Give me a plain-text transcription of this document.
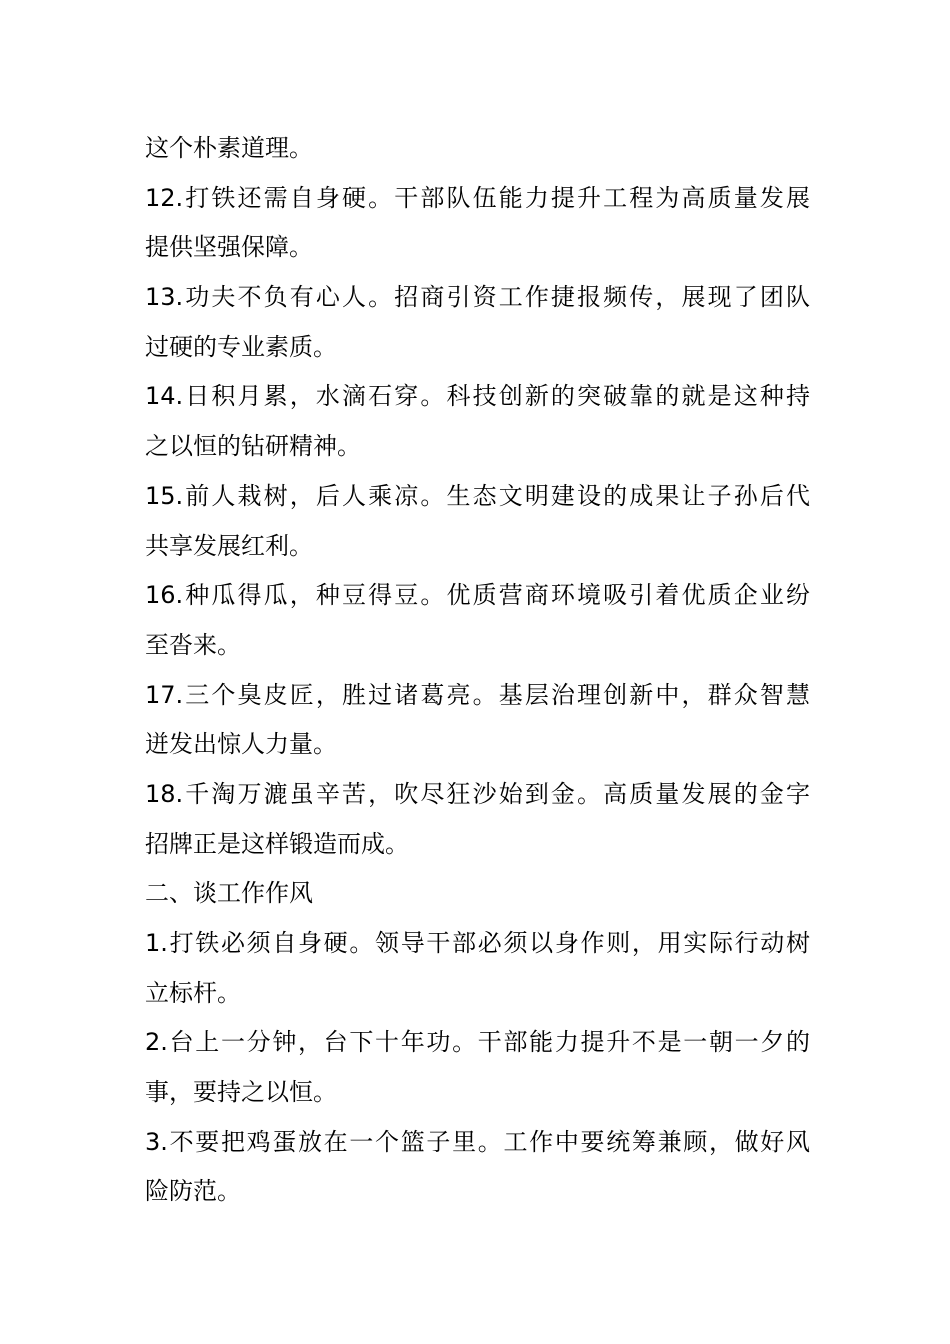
这个朴素道理。
12.打铁还需自身硬。干部队伍能力提升工程为高质量发展
提供坚强保障。
13.功夫不负有心人。招商引资工作捷报频传，展现了团队
过硬的专业素质。
14.日积月累，水滴石穿。科技创新的突破靠的就是这种持
之以恒的钻研精神。
15.前人栽树，后人乘凉。生态文明建设的成果让子孙后代
共享发展红利。
16.种瓜得瓜，种豆得豆。优质营商环境吸引着优质企业纷
至沓来。
17.三个臭皮匠，胜过诸葛亮。基层治理创新中，群众智慧
迸发出惊人力量。
18.千淘万漉虽辛苦，吹尽狂沙始到金。高质量发展的金字
招牌正是这样锻造而成。
二、谈工作作风
1.打铁必须自身硬。领导干部必须以身作则，用实际行动树
立标杆。
2.台上一分钟，台下十年功。干部能力提升不是一朝一夕的
事，要持之以恒。
3.不要把鸡蛋放在一个篮子里。工作中要统筹兼顾，做好风
险防范。
